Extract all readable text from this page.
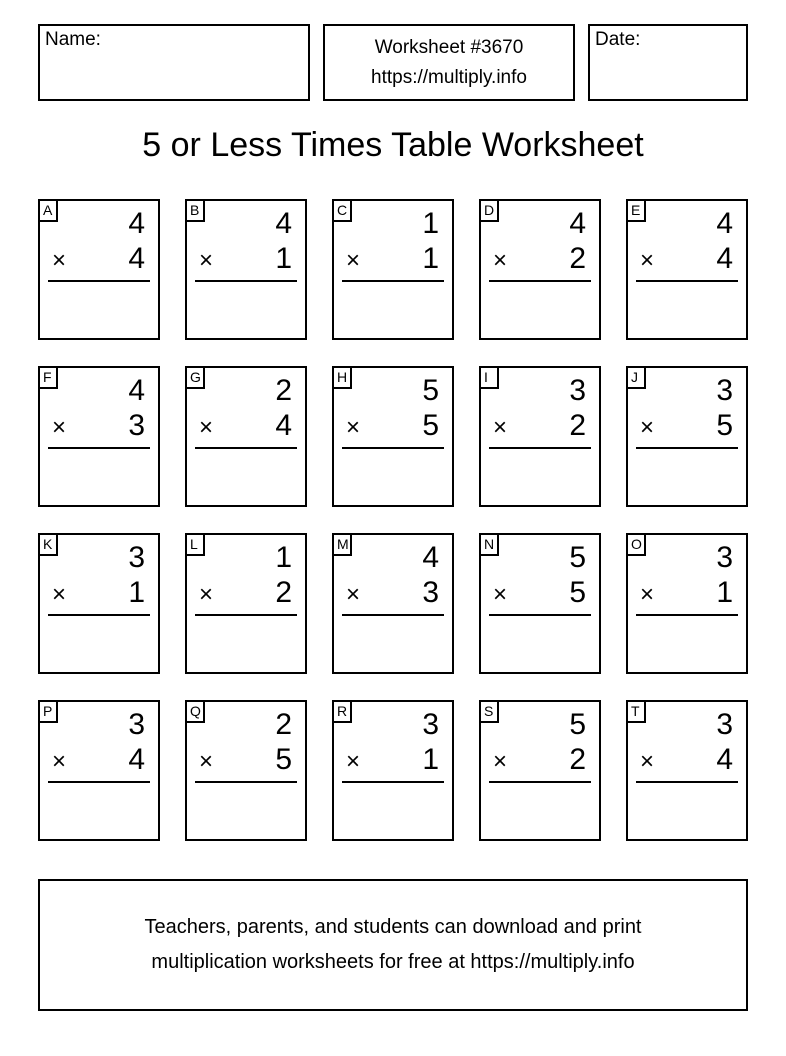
Name:	Worksheet #3670
https://multiply.info
Date:
5 or Less Times Table Worksheet
A	4
× 4
B	4
× 1
C	1
× 1
D	4
× 2
E	4
× 4
F	4
× 3
G 2
× 4
H	5
× 5
I	3
× 2
J	3
× 5
K	3
× 1
L	1
× 2
M 4
× 3
N	5
× 5
O 3
× 1
P	3
× 4
Q 2
× 5
R	3
× 1
S	5
× 2
T	3
× 4
Teachers, parents, and students can download and print
multiplication worksheets for free at https://multiply.info
